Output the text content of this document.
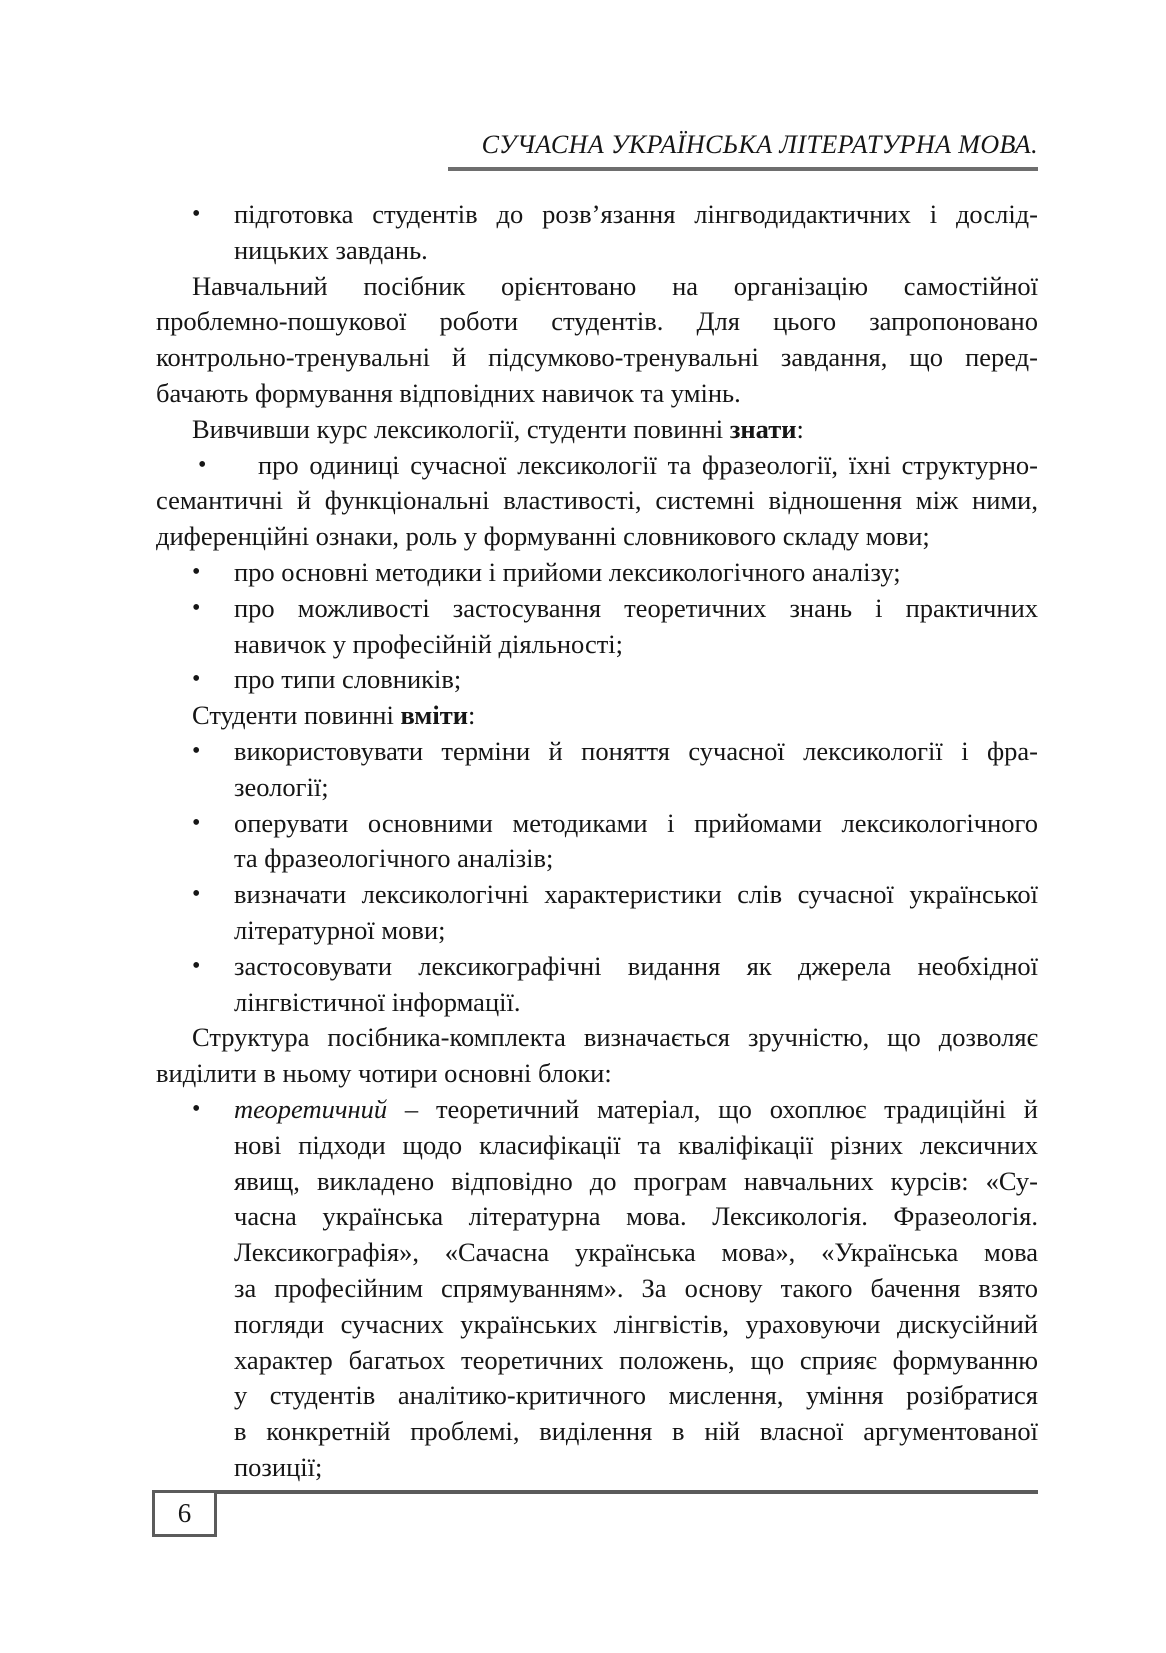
СУЧАСНА УКРАЇНСЬКА ЛІТЕРАТУРНА МОВА.
• підготовка студентів до розв’язання лінгводидактичних і дослід-
ницьких завдань.
Навчальний посібник орієнтовано на організацію самостійної
проблемно-пошукової роботи студентів. Для цього запропоновано
контрольно-тренувальні й підсумково-тренувальні завдання, що перед-
бачають формування відповідних навичок та умінь.
Вивчивши курс лексикології, студенти повинні знати:
• про одиниці сучасної лексикології та фразеології, їхні структурно-
семантичні й функціональні властивості, системні відношення між ними,
диференційні ознаки, роль у формуванні словникового складу мови;
• про основні методики і прийоми лексикологічного аналізу;
• про можливості застосування теоретичних знань і практичних
навичок у професійній діяльності;
• про типи словників;
Студенти повинні вміти:
• використовувати терміни й поняття сучасної лексикології і фра-
зеології;
• оперувати основними методиками і прийомами лексикологічного
та фразеологічного аналізів;
• визначати лексикологічні характеристики слів сучасної української
літературної мови;
• застосовувати лексикографічні видання як джерела необхідної
лінгвістичної інформації.
Структура посібника-комплекта визначається зручністю, що дозволяє
виділити в ньому чотири основні блоки:
• теоретичний – теоретичний матеріал, що охоплює традиційні й
нові підходи щодо класифікації та кваліфікації різних лексичних
явищ, викладено відповідно до програм навчальних курсів: «Су-
часна українська літературна мова. Лексикологія. Фразеологія.
Лексикографія», «Сачасна українська мова», «Українська мова
за професійним спрямуванням». За основу такого бачення взято
погляди сучасних українських лінгвістів, ураховуючи дискусійний
характер багатьох теоретичних положень, що сприяє формуванню
у студентів аналітико-критичного мислення, уміння розібратися
в конкретній проблемі, виділення в ній власної аргументованої
позиції;
6
